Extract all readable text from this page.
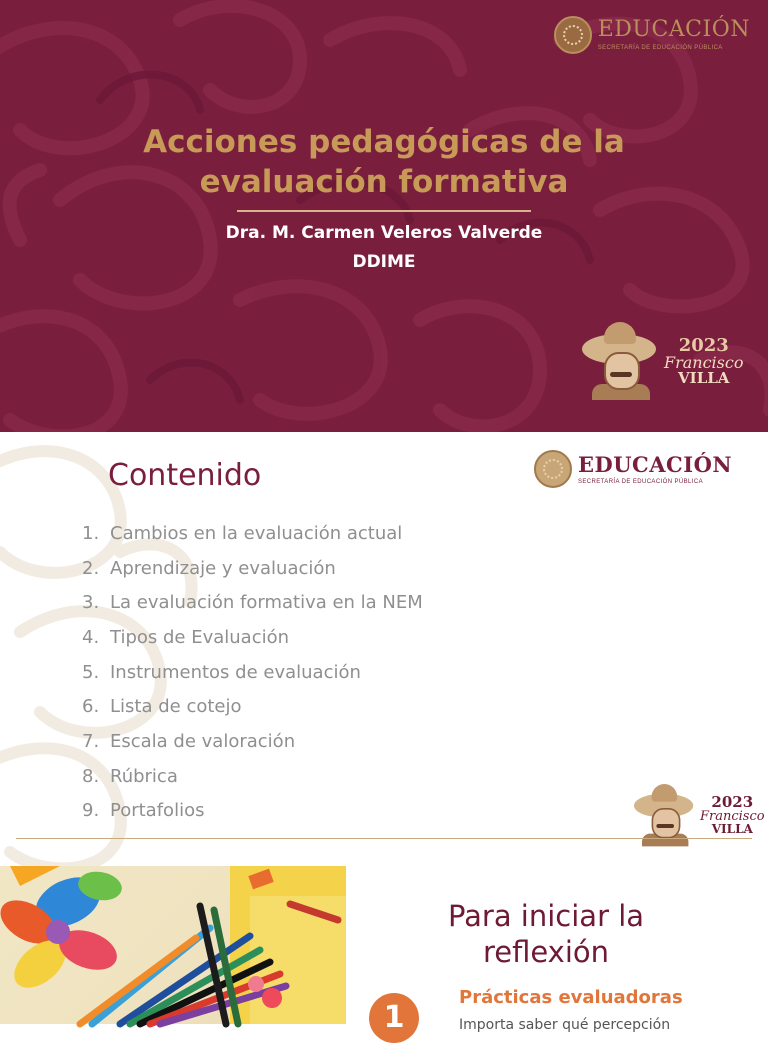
EDUCACIÓN
SECRETARÍA DE EDUCACIÓN PÚBLICA
Acciones pedagógicas de la
evaluación formativa
Dra. M. Carmen Veleros Valverde
DDIME
2023
Francisco
VILLA
Contenido	EDUCACIÓN
SECRETARÍA DE EDUCACIÓN PÚBLICA
1. Cambios en la evaluación actual
2. Aprendizaje y evaluación
3. La evaluación formativa en la NEM
4. Tipos de Evaluación
5. Instrumentos de evaluación
6. Lista de cotejo
7. Escala de valoración
8. Rúbrica
9. Portafolios	2023
Francisco
VILLA
Para iniciar la
reflexión
1
Prácticas evaluadoras
Importa saber qué percepción
